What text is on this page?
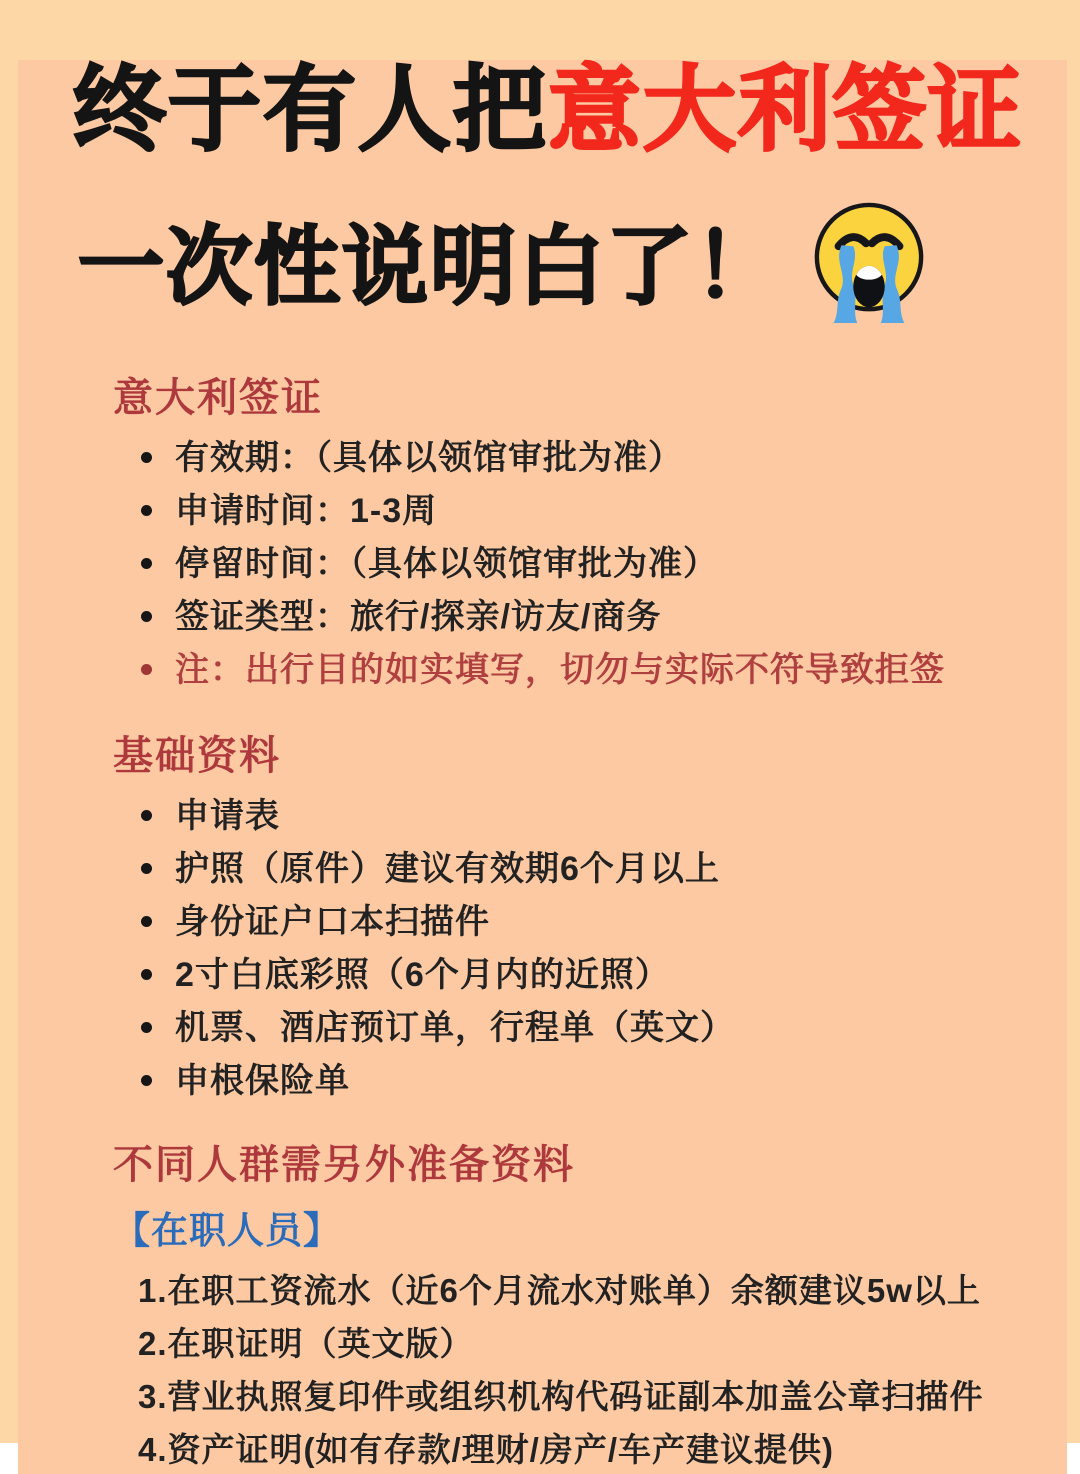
终于有人把意大利签证
一次性说明白了！
意大利签证
有效期：（具体以领馆审批为准）
申请时间：1-3周
停留时间：（具体以领馆审批为准）
签证类型：旅行/探亲/访友/商务
注：出行目的如实填写，切勿与实际不符导致拒签
基础资料
申请表
护照（原件）建议有效期6个月以上
身份证户口本扫描件
2寸白底彩照（6个月内的近照）
机票、酒店预订单，行程单（英文）
申根保险单
不同人群需另外准备资料
【在职人员】
1.在职工资流水（近6个月流水对账单）余额建议5w以上
2.在职证明（英文版）
3.营业执照复印件或组织机构代码证副本加盖公章扫描件
4.资产证明(如有存款/理财/房产/车产建议提供)
